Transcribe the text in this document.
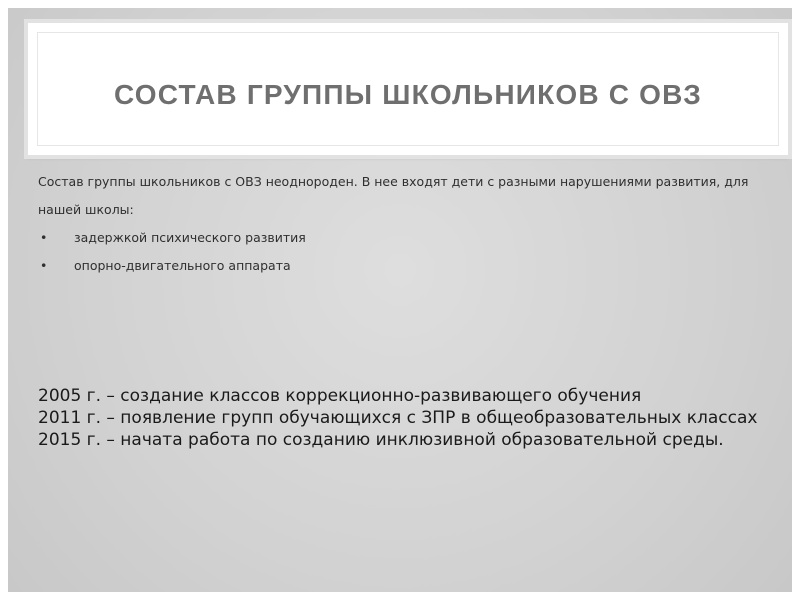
СОСТАВ ГРУППЫ ШКОЛЬНИКОВ С ОВЗ

Состав группы школьников с ОВЗ неоднороден. В нее входят дети с разными нарушениями развития, для нашей школы:

• задержкой психического развития
• опорно-двигательного аппарата
2005 г. – создание классов коррекционно-развивающего обучения
2011 г. – появление групп обучающихся с ЗПР в общеобразовательных классах
2015 г. – начата работа по созданию инклюзивной образовательной среды.
